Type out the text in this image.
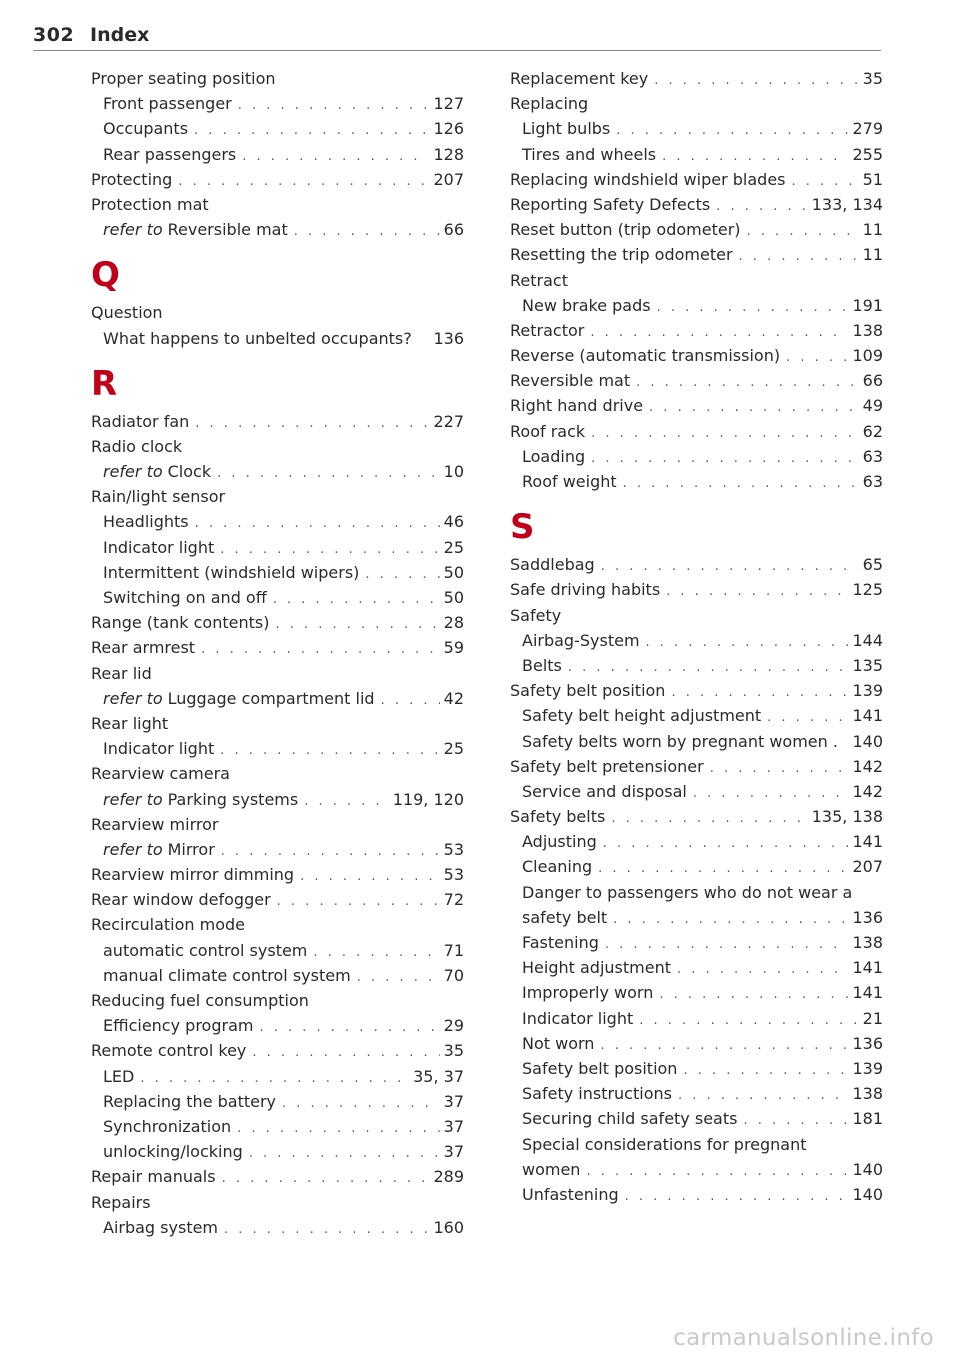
302 Index
Proper seating position
Front passenger . . .	127
Occupants . . .	126
Rear passengers . . .	128
Protecting . . .	207
Protection mat
refer to Reversible mat . . .	66
Q
Question
What happens to unbelted occupants?	136
R
Radiator fan . . .	227
Radio clock
refer to Clock . . .	10
Rain/light sensor
Headlights . . .	46
Indicator light . . .	25
Intermittent (windshield wipers) . . .	50
Switching on and off . . .	50
Range (tank contents) . . .	28
Rear armrest . . .	59
Rear lid
refer to Luggage compartment lid . . .	42
Rear light
Indicator light . . .	25
Rearview camera
refer to Parking systems . . .	119, 120
Rearview mirror
refer to Mirror . . .	53
Rearview mirror dimming . . .	53
Rear window defogger . . .	72
Recirculation mode
automatic control system . . .	71
manual climate control system . . .	70
Reducing fuel consumption
Efficiency program . . .	29
Remote control key . . .	35
LED . . .	35, 37
Replacing the battery . . .	37
Synchronization . . .	37
unlocking/locking . . .	37
Repair manuals . . .	289
Repairs
Airbag system . . .	160
Replacement key . . .	35
Replacing
Light bulbs . . .	279
Tires and wheels . . .	255
Replacing windshield wiper blades . . .	51
Reporting Safety Defects . . .	133, 134
Reset button (trip odometer) . . .	11
Resetting the trip odometer . . .	11
Retract
New brake pads . . .	191
Retractor . . .	138
Reverse (automatic transmission) . . .	109
Reversible mat . . .	66
Right hand drive . . .	49
Roof rack . . .	62
Loading . . .	63
Roof weight . . .	63
S
Saddlebag . . .	65
Safe driving habits . . .	125
Safety
Airbag-System . . .	144
Belts . . .	135
Safety belt position . . .	139
Safety belt height adjustment . . .	141
Safety belts worn by pregnant women . 140
Safety belt pretensioner . . .	142
Service and disposal . . .	142
Safety belts . . .	135, 138
Adjusting . . .	141
Cleaning . . .	207
Danger to passengers who do not wear a
safety belt . . .	136
Fastening . . .	138
Height adjustment . . .	141
Improperly worn . . .	141
Indicator light . . .	21
Not worn . . .	136
Safety belt position . . .	139
Safety instructions . . .	138
Securing child safety seats . . .	181
Special considerations for pregnant
women . . .	140
Unfastening . . .	140
carmanualsonline.info
